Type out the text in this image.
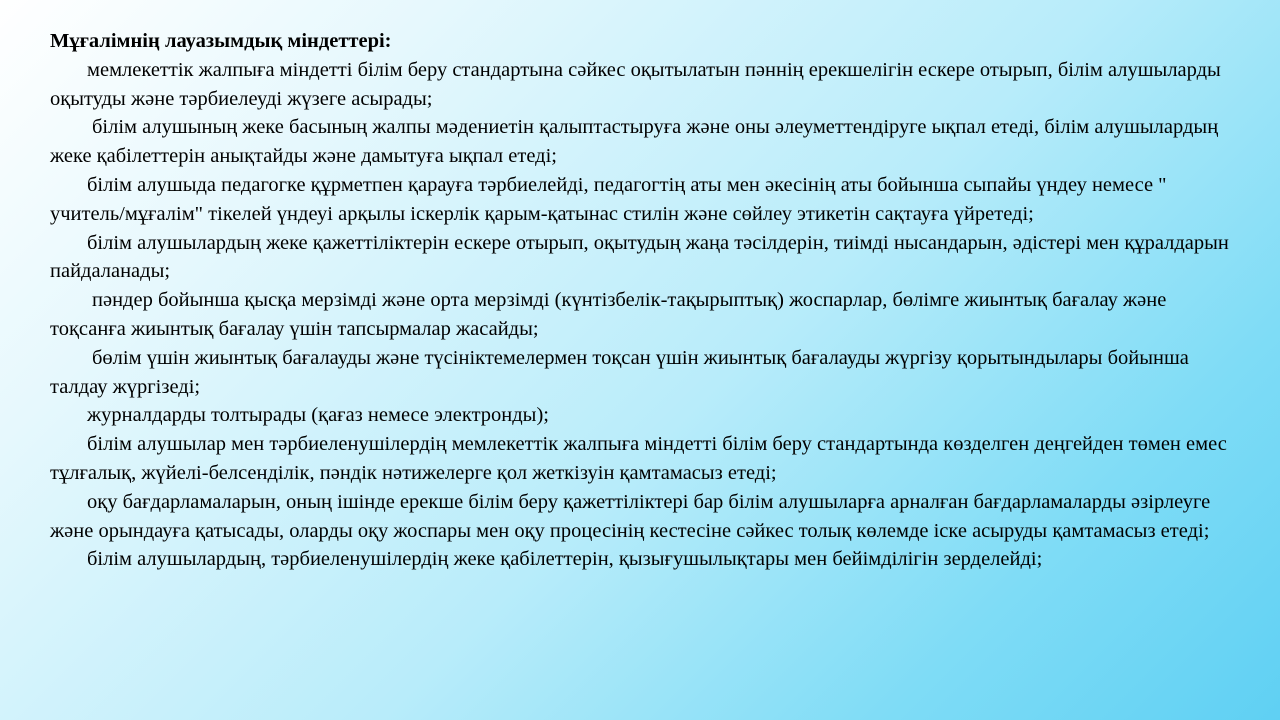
Мұғалімнің лауазымдық міндеттері:

мемлекеттік жалпыға міндетті білім беру стандартына сәйкес оқытылатын пәннің ерекшелігін ескере отырып, білім алушыларды оқытуды және тәрбиелеуді жүзеге асырады;

білім алушының жеке басының жалпы мәдениетін қалыптастыруға және оны әлеуметтендіруге ықпал етеді, білім алушылардың жеке қабілеттерін анықтайды және дамытуға ықпал етеді;

білім алушыда педагогке құрметпен қарауға тәрбиелейді, педагогтің аты мен әкесінің аты бойынша сыпайы үндеу немесе " учитель/мұғалім" тікелей үндеуі арқылы іскерлік қарым-қатынас стилін және сөйлеу этикетін сақтауға үйретеді;

білім алушылардың жеке қажеттіліктерін ескере отырып, оқытудың жаңа тәсілдерін, тиімді нысандарын, әдістері мен құралдарын пайдаланады;

пәндер бойынша қысқа мерзімді және орта мерзімді (күнтізбелік-тақырыптық) жоспарлар, бөлімге жиынтық бағалау және тоқсанға жиынтық бағалау үшін тапсырмалар жасайды;

бөлім үшін жиынтық бағалауды және түсініктемелермен тоқсан үшін жиынтық бағалауды жүргізу қорытындылары бойынша талдау жүргізеді;

журналдарды толтырады (қағаз немесе электронды);

білім алушылар мен тәрбиеленушілердің мемлекеттік жалпыға міндетті білім беру стандартында көзделген деңгейден төмен емес тұлғалық, жүйелі-белсенділік, пәндік нәтижелерге қол жеткізуін қамтамасыз етеді;

оқу бағдарламаларын, оның ішінде ерекше білім беру қажеттіліктері бар білім алушыларға арналған бағдарламаларды әзірлеуге және орындауға қатысады, оларды оқу жоспары мен оқу процесінің кестесіне сәйкес толық көлемде іске асыруды қамтамасыз етеді;

білім алушылардың, тәрбиеленушілердің жеке қабілеттерін, қызығушылықтары мен бейімділігін зерделейді;
